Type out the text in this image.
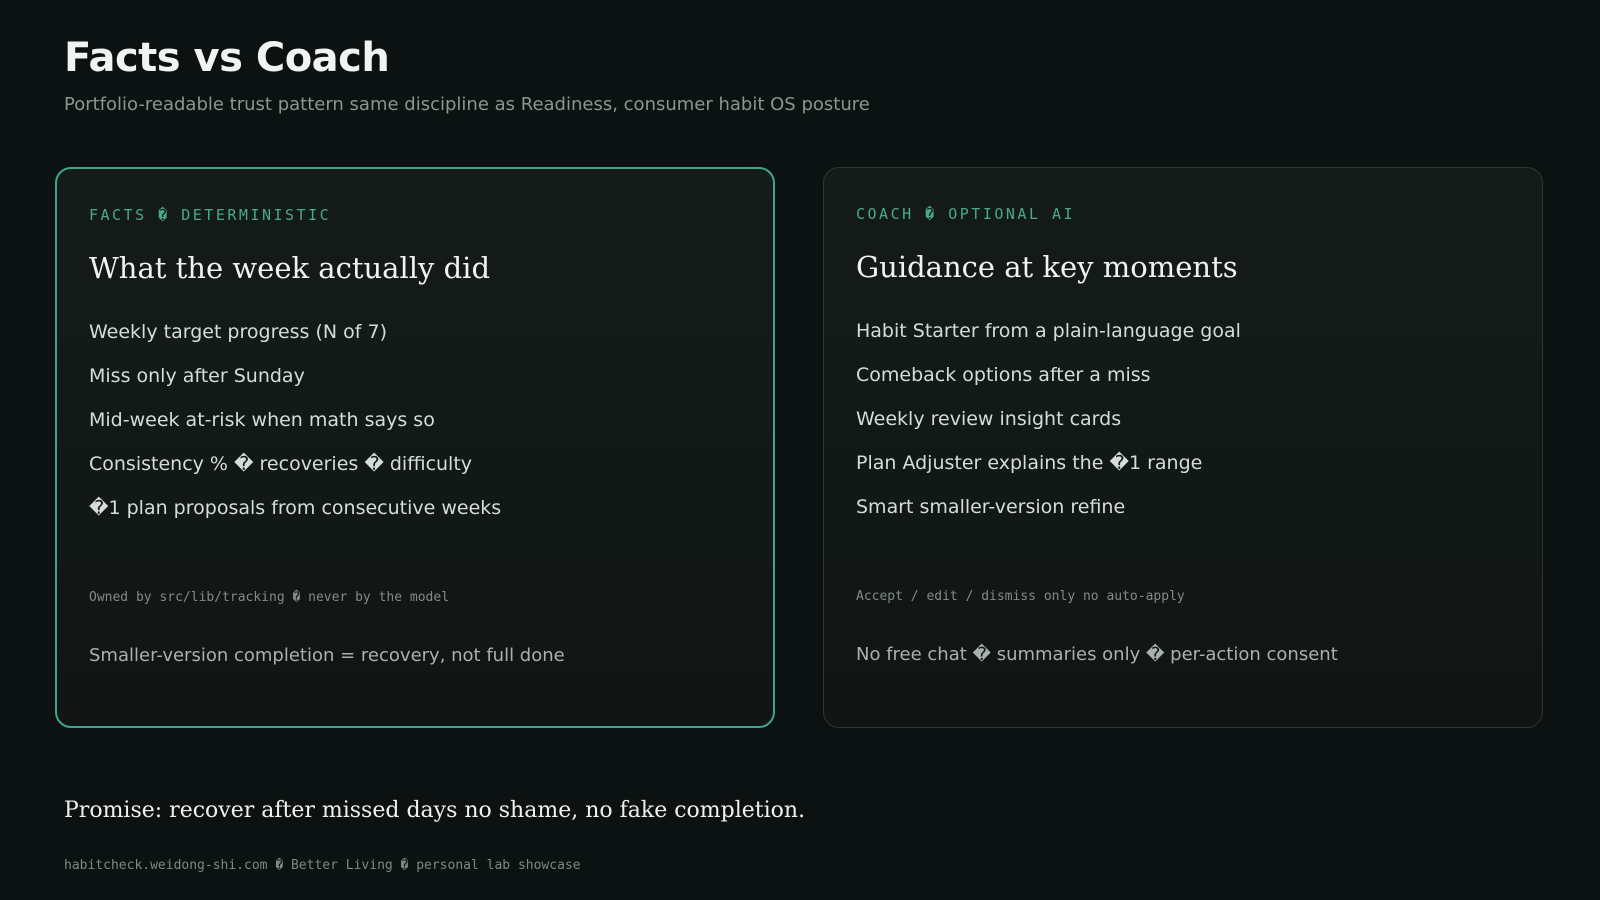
Facts vs Coach
Portfolio-readable trust pattern same discipline as Readiness, consumer habit OS posture
FACTS � DETERMINISTIC
What the week actually did
Weekly target progress (N of 7)
Miss only after Sunday
Mid-week at-risk when math says so
Consistency % � recoveries � difficulty
�1 plan proposals from consecutive weeks
Owned by src/lib/tracking � never by the model
Smaller-version completion = recovery, not full done
COACH � OPTIONAL AI
Guidance at key moments
Habit Starter from a plain-language goal
Comeback options after a miss
Weekly review insight cards
Plan Adjuster explains the �1 range
Smart smaller-version refine
Accept / edit / dismiss only no auto-apply
No free chat � summaries only � per-action consent
Promise: recover after missed days no shame, no fake completion.
habitcheck.weidong-shi.com � Better Living � personal lab showcase
